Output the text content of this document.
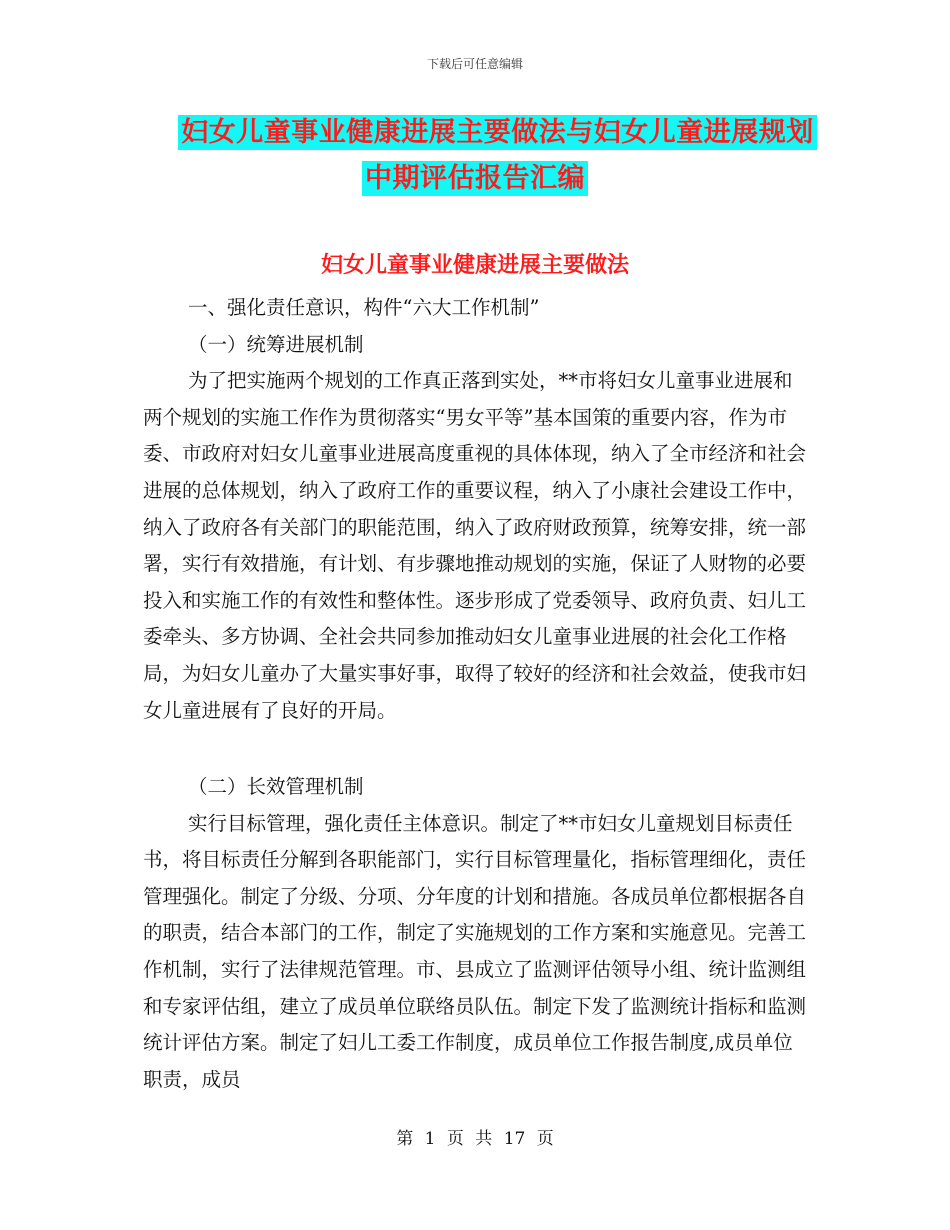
下载后可任意编辑
妇女儿童事业健康进展主要做法与妇女儿童进展规划
中期评估报告汇编
妇女儿童事业健康进展主要做法

一、强化责任意识，构件“六大工作机制”

（一）统筹进展机制

为了把实施两个规划的工作真正落到实处，**市将妇女儿童事业进展和两个规划的实施工作作为贯彻落实“男女平等”基本国策的重要内容，作为市委、市政府对妇女儿童事业进展高度重视的具体体现，纳入了全市经济和社会进展的总体规划，纳入了政府工作的重要议程，纳入了小康社会建设工作中，纳入了政府各有关部门的职能范围，纳入了政府财政预算，统筹安排，统一部署，实行有效措施，有计划、有步骤地推动规划的实施，保证了人财物的必要投入和实施工作的有效性和整体性。逐步形成了党委领导、政府负责、妇儿工委牵头、多方协调、全社会共同参加推动妇女儿童事业进展的社会化工作格局，为妇女儿童办了大量实事好事，取得了较好的经济和社会效益，使我市妇女儿童进展有了良好的开局。

（二）长效管理机制

实行目标管理，强化责任主体意识。制定了**市妇女儿童规划目标责任书，将目标责任分解到各职能部门，实行目标管理量化，指标管理细化，责任管理强化。制定了分级、分项、分年度的计划和措施。各成员单位都根据各自的职责，结合本部门的工作，制定了实施规划的工作方案和实施意见。完善工作机制，实行了法律规范管理。市、县成立了监测评估领导小组、统计监测组和专家评估组，建立了成员单位联络员队伍。制定下发了监测统计指标和监测统计评估方案。制定了妇儿工委工作制度，成员单位工作报告制度,成员单位职责，成员

第 1 页 共 17 页
